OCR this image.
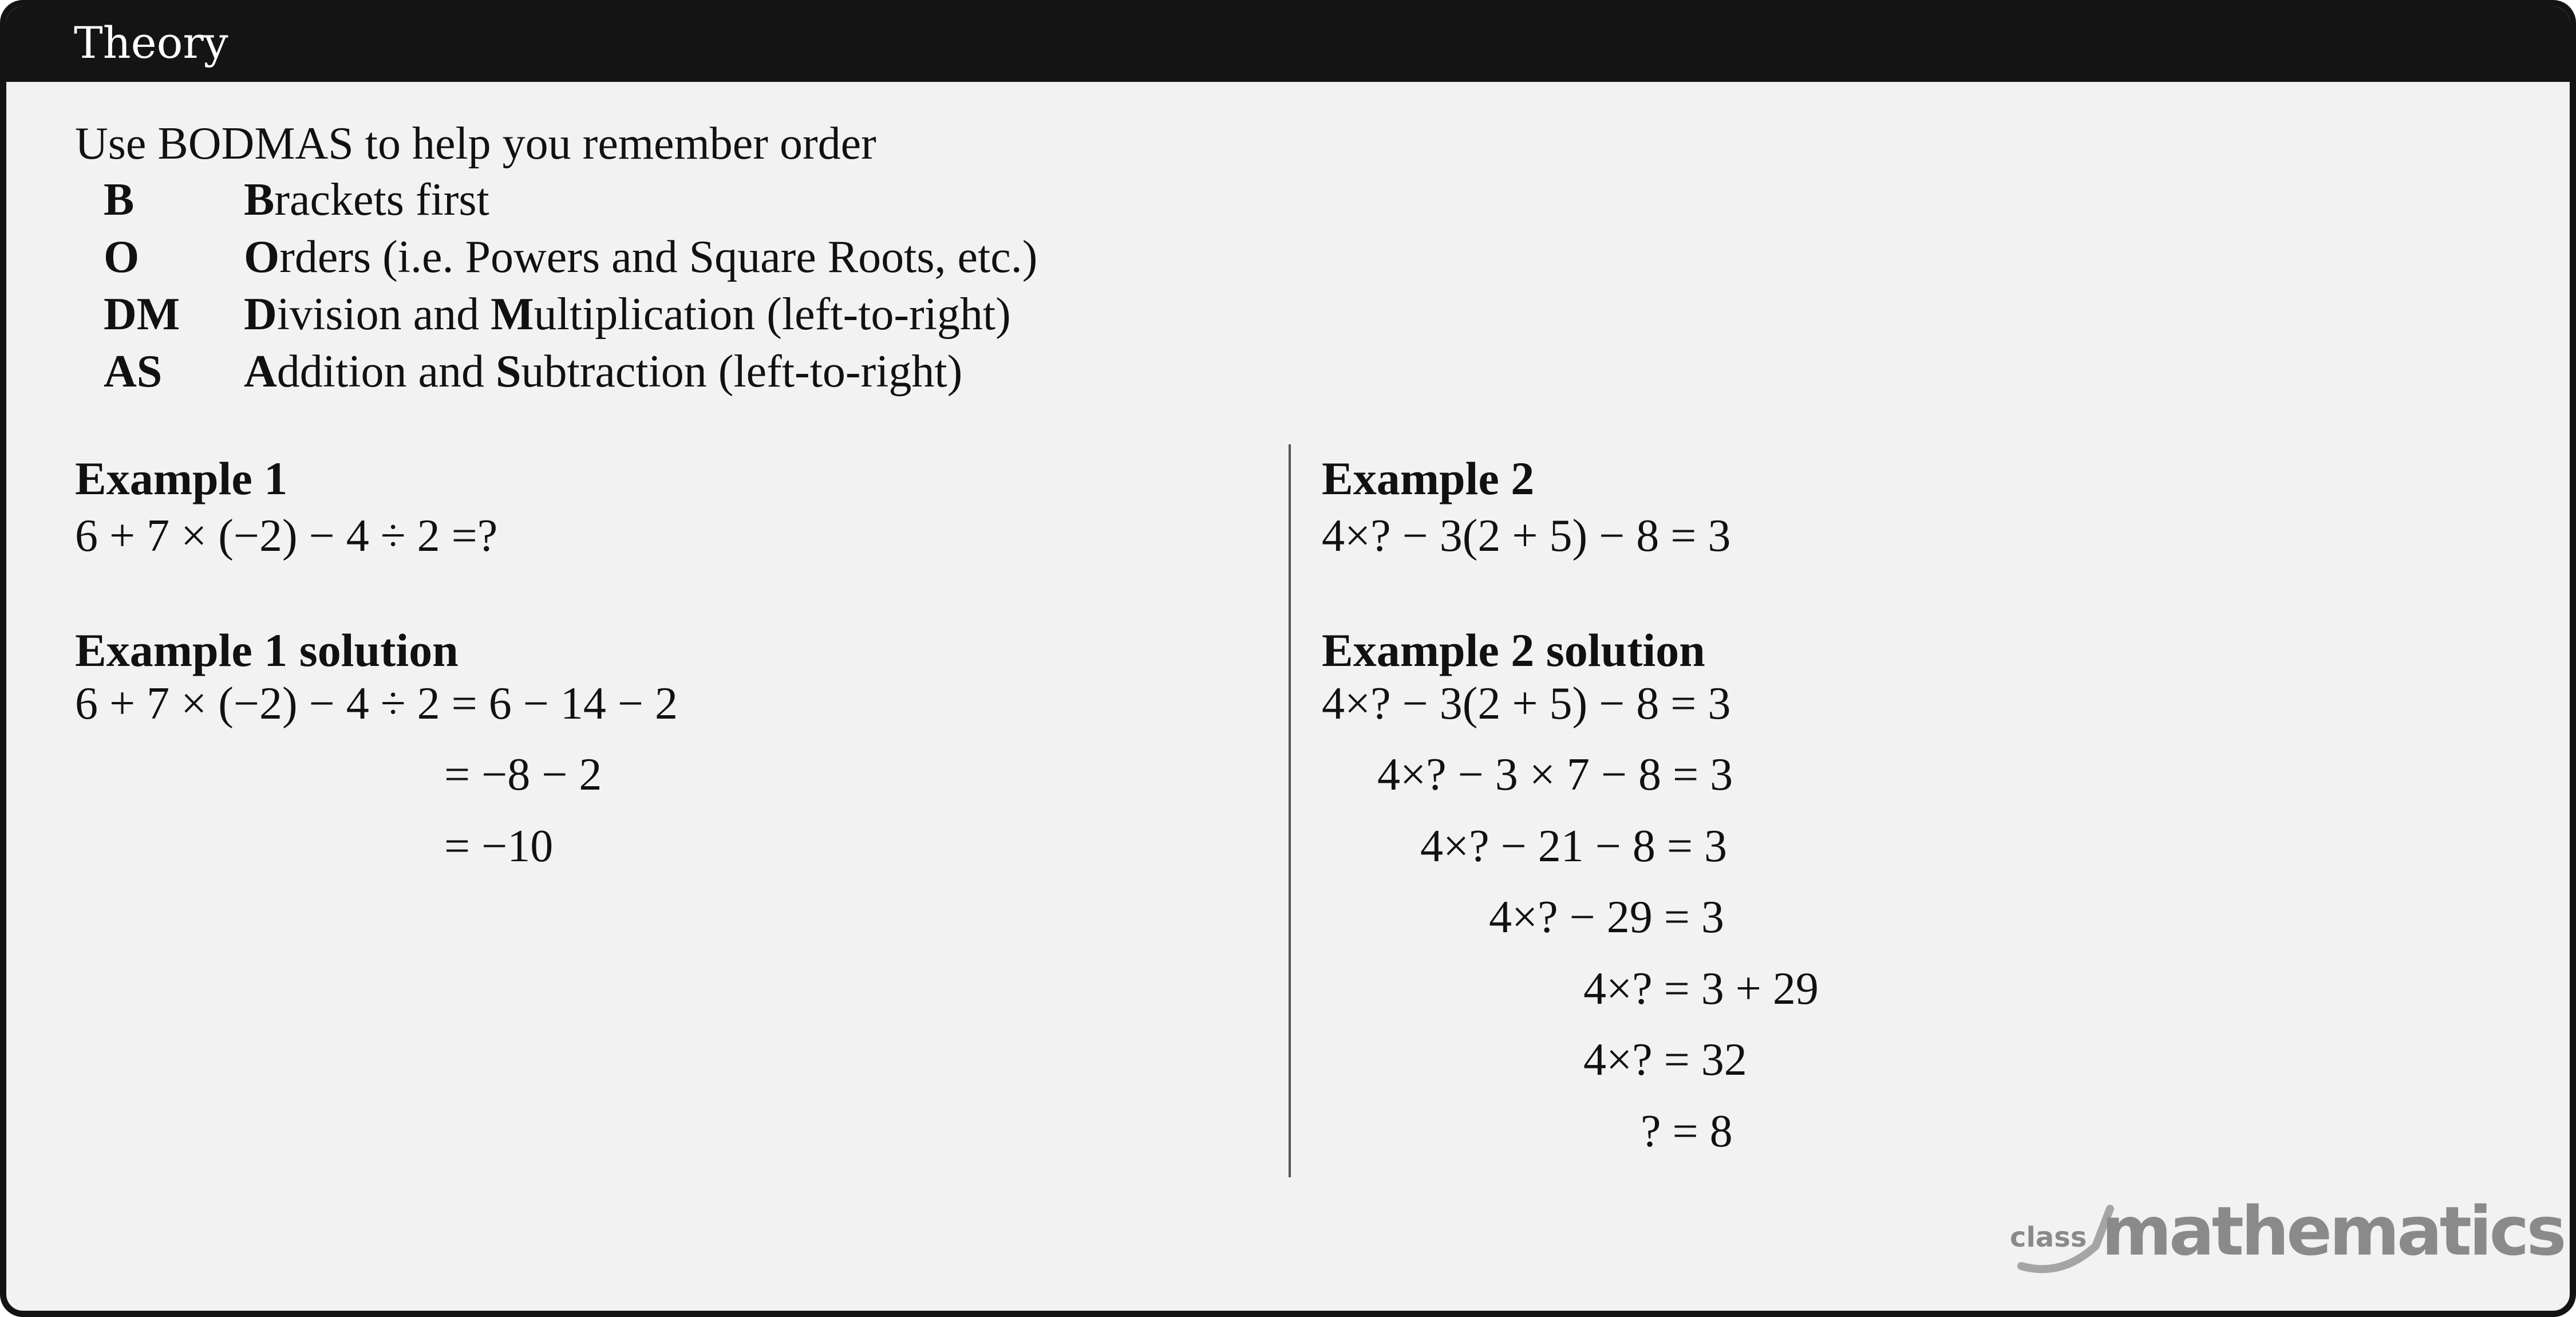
Theory
Use BODMAS to help you remember order
B Brackets first
O Orders (i.e. Powers and Square Roots, etc.)
DM Division and Multiplication (left-to-right)
AS Addition and Subtraction (left-to-right)
Example 1
6 + 7 × (−2) − 4 ÷ 2 =?
Example 1 solution
6 + 7 × (−2) − 4 ÷ 2 = 6 − 14 − 2
= −8 − 2
= −10
Example 2
4×? − 3(2 + 5) − 8 = 3
Example 2 solution
4×? − 3(2 + 5) − 8 = 3
4×? − 3 × 7 − 8 = 3
4×? − 21 − 8 = 3
4×? − 29 = 3
4×? = 3 + 29
4×? = 32
? = 8
class mathematics
